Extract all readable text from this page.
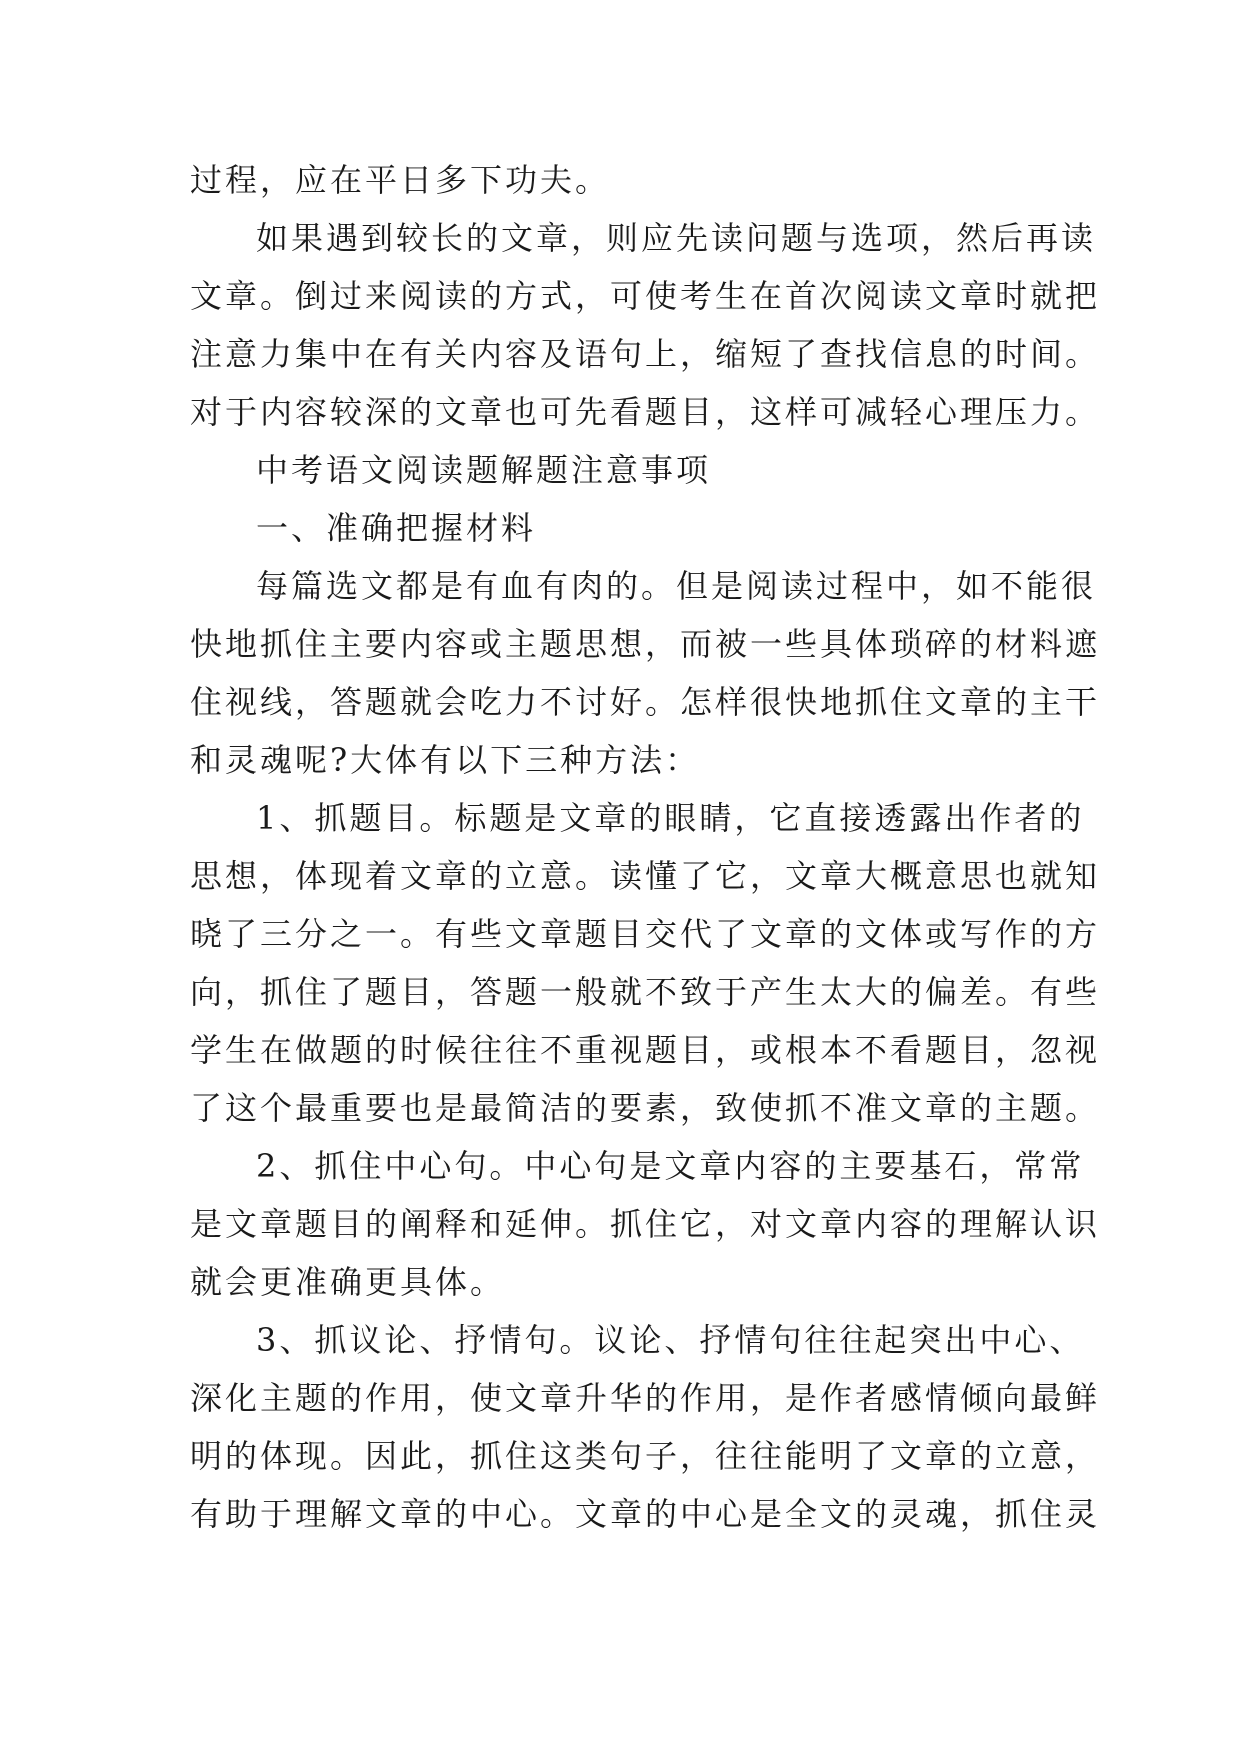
过程，应在平日多下功夫。
如果遇到较长的文章，则应先读问题与选项，然后再读
文章。倒过来阅读的方式，可使考生在首次阅读文章时就把
注意力集中在有关内容及语句上，缩短了查找信息的时间。
对于内容较深的文章也可先看题目，这样可减轻心理压力。
中考语文阅读题解题注意事项
一、准确把握材料
每篇选文都是有血有肉的。但是阅读过程中，如不能很
快地抓住主要内容或主题思想，而被一些具体琐碎的材料遮
住视线，答题就会吃力不讨好。怎样很快地抓住文章的主干
和灵魂呢?大体有以下三种方法：
1、抓题目。标题是文章的眼睛，它直接透露出作者的
思想，体现着文章的立意。读懂了它，文章大概意思也就知
晓了三分之一。有些文章题目交代了文章的文体或写作的方
向，抓住了题目，答题一般就不致于产生太大的偏差。有些
学生在做题的时候往往不重视题目，或根本不看题目，忽视
了这个最重要也是最简洁的要素，致使抓不准文章的主题。
2、抓住中心句。中心句是文章内容的主要基石，常常
是文章题目的阐释和延伸。抓住它，对文章内容的理解认识
就会更准确更具体。
3、抓议论、抒情句。议论、抒情句往往起突出中心、
深化主题的作用，使文章升华的作用，是作者感情倾向最鲜
明的体现。因此，抓住这类句子，往往能明了文章的立意，
有助于理解文章的中心。文章的中心是全文的灵魂，抓住灵
